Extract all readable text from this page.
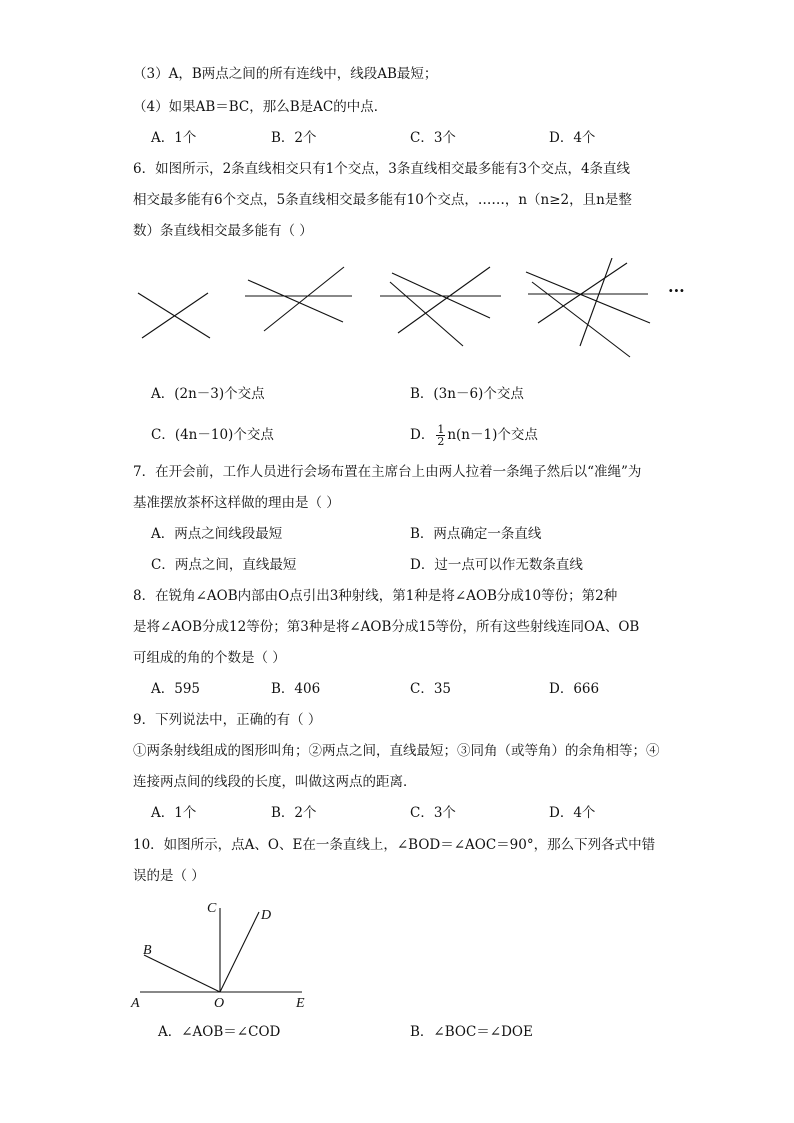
（3）A，B两点之间的所有连线中，线段AB最短；
（4）如果AB＝BC，那么B是AC的中点．
A．1个	B．2个	C．3个	D．4个
6．如图所示，2条直线相交只有1个交点，3条直线相交最多能有3个交点，4条直线
相交最多能有6个交点，5条直线相交最多能有10个交点，……，n（n≥2，且n是整
数）条直线相交最多能有（ ）
···
A．(2n－3)个交点	B．(3n－6)个交点
C．(4n－10)个交点	D． $\frac{1}{2} n(n-1)$个交点
7．在开会前，工作人员进行会场布置在主席台上由两人拉着一条绳子然后以“准绳”为
基准摆放茶杯这样做的理由是（ ）
A．两点之间线段最短	B．两点确定一条直线
C．两点之间，直线最短	D．过一点可以作无数条直线
8．在锐角∠AOB内部由O点引出3种射线，第1种是将∠AOB分成10等份；第2种
是将∠AOB分成12等份；第3种是将∠AOB分成15等份，所有这些射线连同OA、OB
可组成的角的个数是（ ）
A．595	B．406	C．35	D．666
9．下列说法中，正确的有（ ）
①两条射线组成的图形叫角；②两点之间，直线最短；③同角（或等角）的余角相等；④
连接两点间的线段的长度，叫做这两点的距离．
A．1个	B．2个	C．3个	D．4个
10．如图所示，点A、O、E在一条直线上，∠BOD＝∠AOC＝90°，那么下列各式中错
误的是（ ）
C	D
B
A	O	E
A．∠AOB＝∠COD	B．∠BOC＝∠DOE
